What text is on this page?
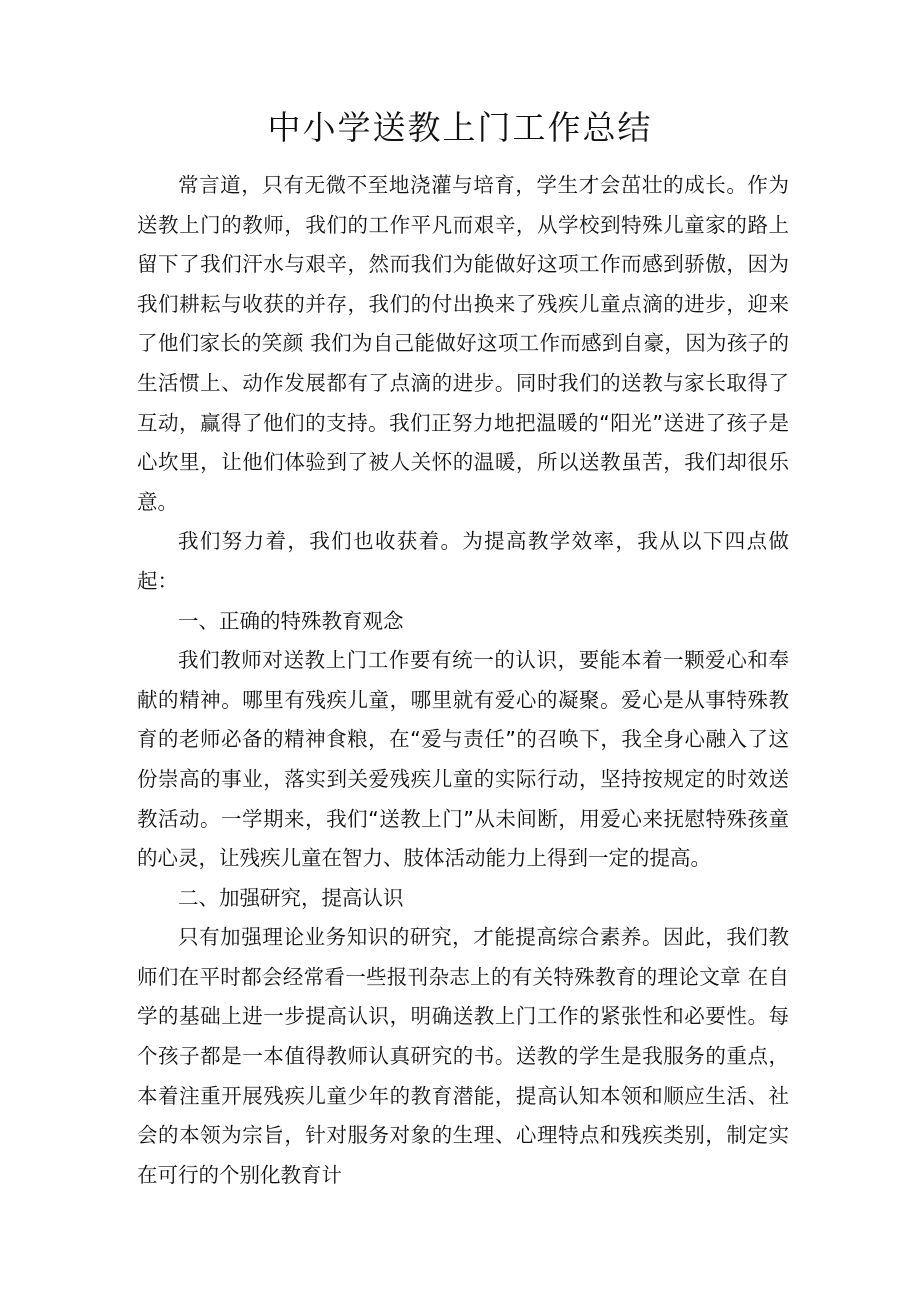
中小学送教上门工作总结

常言道，只有无微不至地浇灌与培育，学生才会茁壮的成长。作为送教上门的教师，我们的工作平凡而艰辛，从学校到特殊儿童家的路上留下了我们汗水与艰辛，然而我们为能做好这项工作而感到骄傲，因为我们耕耘与收获的并存，我们的付出换来了残疾儿童点滴的进步，迎来了他们家长的笑颜 我们为自己能做好这项工作而感到自豪，因为孩子的生活惯上、动作发展都有了点滴的进步。同时我们的送教与家长取得了互动，赢得了他们的支持。我们正努力地把温暖的“阳光”送进了孩子是心坎里，让他们体验到了被人关怀的温暖，所以送教虽苦，我们却很乐意。

我们努力着，我们也收获着。为提高教学效率，我从以下四点做起：

一、正确的特殊教育观念

我们教师对送教上门工作要有统一的认识，要能本着一颗爱心和奉献的精神。哪里有残疾儿童，哪里就有爱心的凝聚。爱心是从事特殊教育的老师必备的精神食粮，在“爱与责任”的召唤下，我全身心融入了这份崇高的事业，落实到关爱残疾儿童的实际行动，坚持按规定的时效送教活动。一学期来，我们“送教上门”从未间断，用爱心来抚慰特殊孩童的心灵，让残疾儿童在智力、肢体活动能力上得到一定的提高。

二、加强研究，提高认识

只有加强理论业务知识的研究，才能提高综合素养。因此，我们教师们在平时都会经常看一些报刊杂志上的有关特殊教育的理论文章 在自学的基础上进一步提高认识，明确送教上门工作的紧张性和必要性。每个孩子都是一本值得教师认真研究的书。送教的学生是我服务的重点，本着注重开展残疾儿童少年的教育潜能，提高认知本领和顺应生活、社会的本领为宗旨，针对服务对象的生理、心理特点和残疾类别，制定实在可行的个别化教育计
